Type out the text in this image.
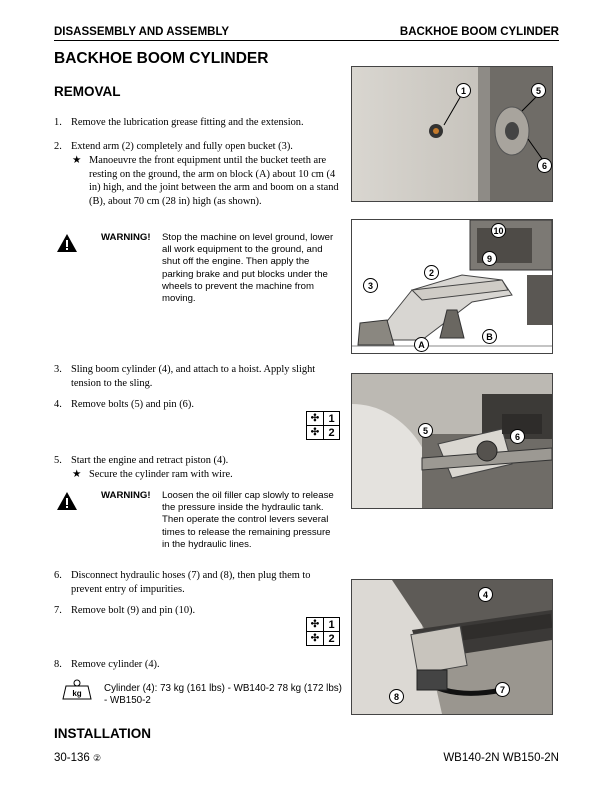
DISASSEMBLY AND ASSEMBLY	BACKHOE BOOM CYLINDER
BACKHOE BOOM CYLINDER
REMOVAL
1. Remove the lubrication grease fitting and the extension.
2. Extend arm (2) completely and fully open bucket (3).
★ Manoeuvre the front equipment until the bucket teeth are resting on the ground, the arm on block (A) about 10 cm (4 in) high, and the joint between the arm and boom on a stand (B), about 70 cm (28 in) high (as shown).
WARNING! Stop the machine on level ground, lower all work equipment to the ground, and shut off the engine. Then apply the parking brake and put blocks under the wheels to prevent the machine from moving.
3. Sling boom cylinder (4), and attach to a hoist. Apply slight tension to the sling.
4. Remove bolts (5) and pin (6).
✣ 1
✣ 2
5. Start the engine and retract piston (4).
★ Secure the cylinder ram with wire.
WARNING! Loosen the oil filler cap slowly to release the pressure inside the hydraulic tank. Then operate the control levers several times to release the remaining pressure in the hydraulic lines.
6. Disconnect hydraulic hoses (7) and (8), then plug them to prevent entry of impurities.
7. Remove bolt (9) and pin (10).
✣ 1
✣ 2
8. Remove cylinder (4).
kg Cylinder (4): 73 kg (161 lbs) - WB140-2 78 kg (172 lbs) - WB150-2
INSTALLATION
30-136 ②	WB140-2N WB150-2N
1	5
6
10
9
2
3
A
B
5
6
4
7
8
